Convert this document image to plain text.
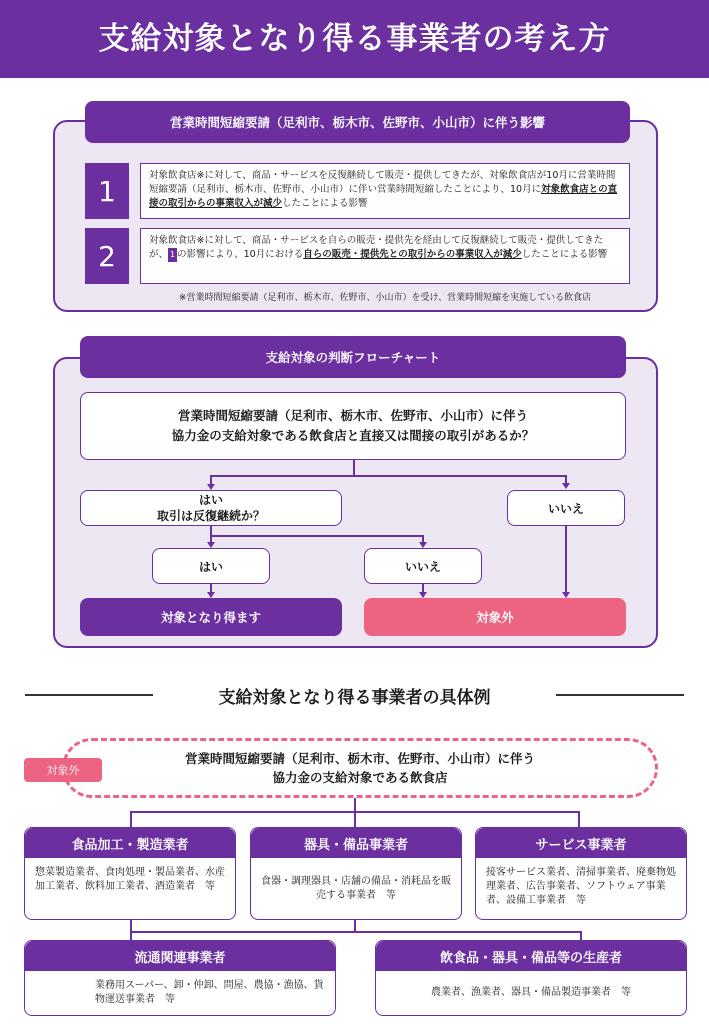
支給対象となり得る事業者の考え方
営業時間短縮要請（足利市、栃木市、佐野市、小山市）に伴う影響
1	対象飲食店※に対して、商品・サービスを反復継続して販売・提供してきたが、対象飲食店が10月に営業時間短縮要請（足利市、栃木市、佐野市、小山市）に伴い営業時間短縮したことにより、10月に対象飲食店との直接の取引からの事業収入が減少したことによる影響
2	対象飲食店※に対して、商品・サービスを自らの販売・提供先を経由して反復継続して販売・提供してきたが、 1 の影響により、10月における自らの販売・提供先との取引からの事業収入が減少したことによる影響
※営業時間短縮要請（足利市、栃木市、佐野市、小山市）を受け、営業時間短縮を実施している飲食店
支給対象の判断フローチャート
営業時間短縮要請（足利市、栃木市、佐野市、小山市）に伴う
協力金の支給対象である飲食店と直接又は間接の取引があるか？
はい
取引は反復継続か？
いいえ
はい	いいえ
対象となり得ます	対象外
支給対象となり得る事業者の具体例
営業時間短縮要請（足利市、栃木市、佐野市、小山市）に伴う
協力金の支給対象である飲食店
対象外
食品加工・製造業者
惣菜製造業者、食肉処理・製品業者、水産加工業者、飲料加工業者、酒造業者　等
器具・備品事業者
食器・調理器具・店舗の備品・消耗品を販売する事業者　等
サービス事業者
接客サービス業者、清掃事業者、廃棄物処理業者、広告事業者、ソフトウェア事業者、設備工事業者　等
流通関連事業者
業務用スーパー、卸・仲卸、問屋、農協・漁協、貨物運送事業者　等
飲食品・器具・備品等の生産者
農業者、漁業者、器具・備品製造事業者　等
